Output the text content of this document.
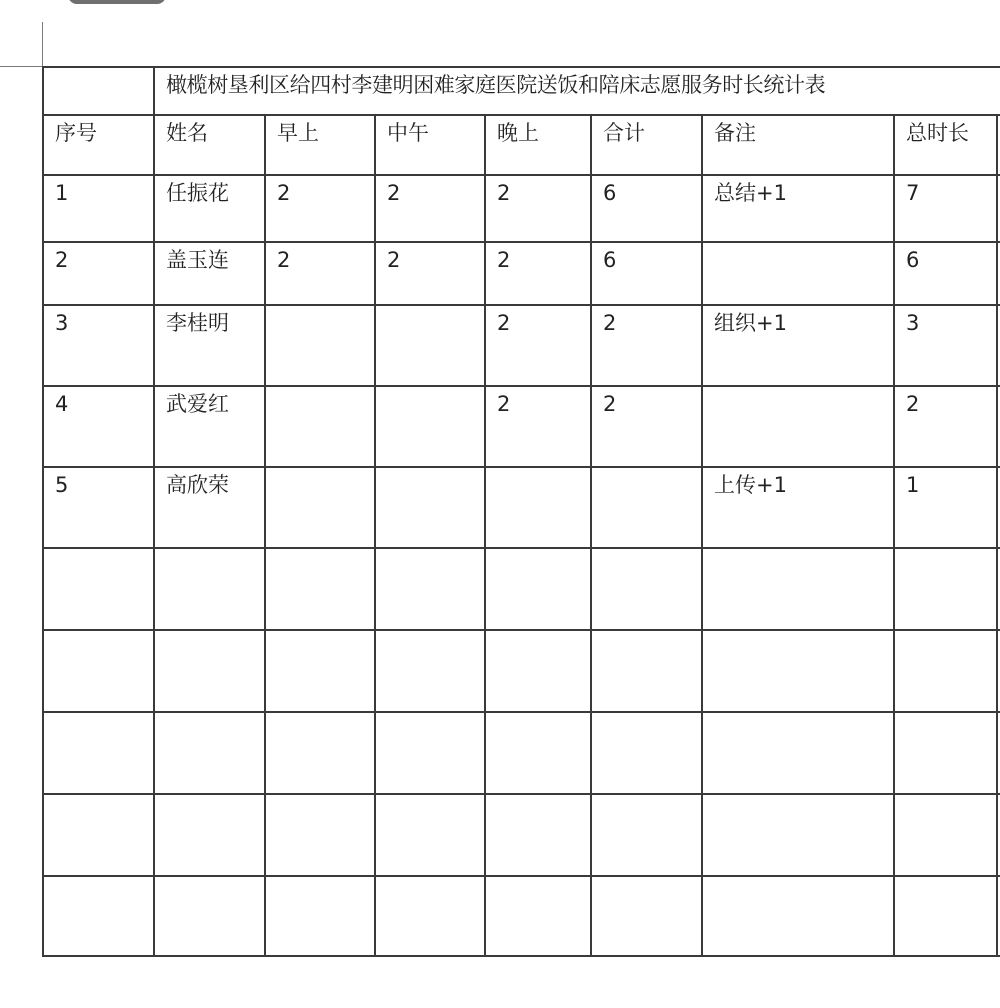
	橄榄树垦利区给四村李建明困难家庭医院送饭和陪床志愿服务时长统计表							

序号	姓名	早上	中午	晚上	合计	备注	总时长	

1	任振花	2	2	2	6	总结+1	7	

2	盖玉连	2	2	2	6		6	

3	李桂明			2	2	组织+1	3	

4	武爱红			2	2		2	

5	高欣荣					上传+1	1	
